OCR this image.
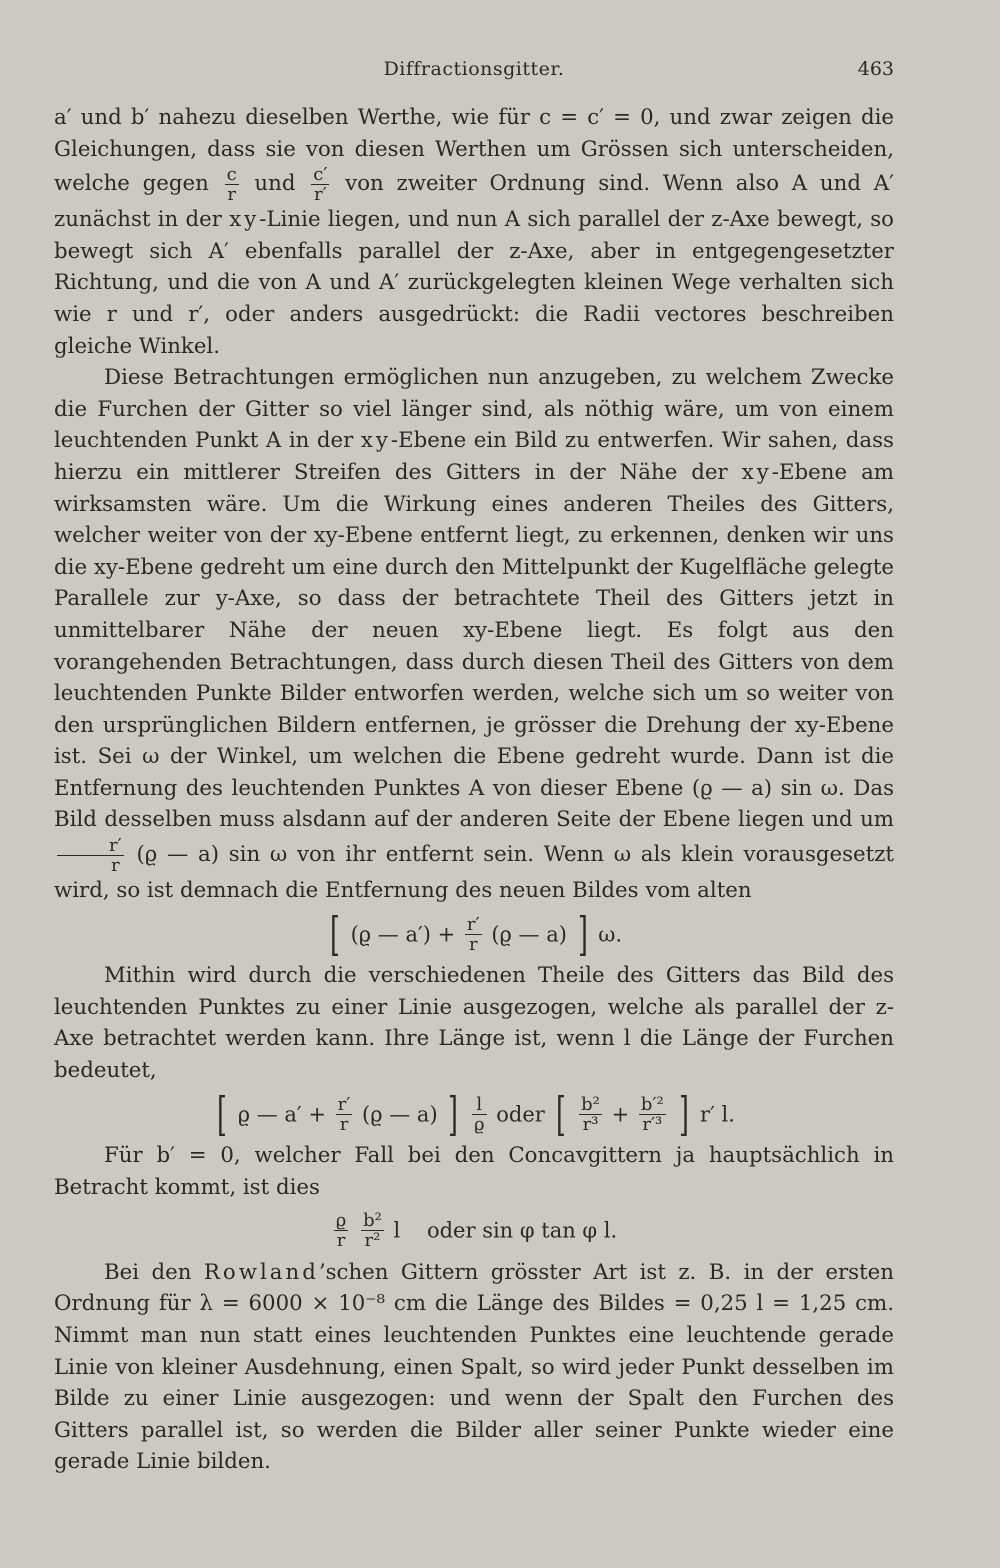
Diffractionsgitter.	463

a′ und b′ nahezu dieselben Werthe, wie für c = c′ = 0, und zwar zeigen die Gleichungen, dass sie von diesen Werthen um Grössen sich unterscheiden, welche gegen $\frac{c}{r}$ und $\frac{c'}{r'}$ von zweiter Ordnung sind. Wenn also A und A′ zunächst in der xy-Linie liegen, und nun A sich parallel der z-Axe bewegt, so bewegt sich A′ ebenfalls parallel der z-Axe, aber in entgegengesetzter Richtung, und die von A und A′ zurückgelegten kleinen Wege verhalten sich wie r und r′, oder anders ausgedrückt: die Radii vectores beschreiben gleiche Winkel.

Diese Betrachtungen ermöglichen nun anzugeben, zu welchem Zwecke die Furchen der Gitter so viel länger sind, als nöthig wäre, um von einem leuchtenden Punkt A in der xy-Ebene ein Bild zu entwerfen. Wir sahen, dass hierzu ein mittlerer Streifen des Gitters in der Nähe der xy-Ebene am wirksamsten wäre. Um die Wirkung eines anderen Theiles des Gitters, welcher weiter von der xy-Ebene entfernt liegt, zu erkennen, denken wir uns die xy-Ebene gedreht um eine durch den Mittelpunkt der Kugelfläche gelegte Parallele zur y-Axe, so dass der betrachtete Theil des Gitters jetzt in unmittelbarer Nähe der neuen xy-Ebene liegt. Es folgt aus den vorangehenden Betrachtungen, dass durch diesen Theil des Gitters von dem leuchtenden Punkte Bilder entworfen werden, welche sich um so weiter von den ursprünglichen Bildern entfernen, je grösser die Drehung der xy-Ebene ist. Sei ω der Winkel, um welchen die Ebene gedreht wurde. Dann ist die Entfernung des leuchtenden Punktes A von dieser Ebene (ϱ — a) sin ω. Das Bild desselben muss alsdann auf der anderen Seite der Ebene liegen und um
$\frac{r'}{r} (ϱ$ — a) sin ω von ihr entfernt sein. Wenn ω als klein vorausgesetzt wird, so ist demnach die Entfernung des neuen Bildes vom alten

[ (ϱ — $a') + \frac{r'}{r} (ϱ$ — a) ] ω.

Mithin wird durch die verschiedenen Theile des Gitters das Bild des leuchtenden Punktes zu einer Linie ausgezogen, welche als parallel der z-Axe betrachtet werden kann. Ihre Länge ist, wenn l die Länge der Furchen bedeutet,

[ ϱ — $a' + \frac{r'}{r} (ϱ$ — a) ] $\frac{l}{ϱ}$ oder [ $\frac{\text{b²}}{\text{r³}} + \frac{\text{b′²}}{\text{r′³}}$ ] r′ l.

Für b′ = 0, welcher Fall bei den Concavgittern ja hauptsächlich in Betracht kommt, ist dies

$\frac{ϱ}{r}$
$\frac{\text{b²}}{\text{r²}}$ l oder sin φ tan φ l.

Bei den Rowland’schen Gittern grösster Art ist z. B. in der ersten Ordnung für λ = 6000 × 10⁻⁸ cm die Länge des Bildes = 0,25 l = 1,25 cm. Nimmt man nun statt eines leuchtenden Punktes eine leuchtende gerade Linie von kleiner Ausdehnung, einen Spalt, so wird jeder Punkt desselben im Bilde zu einer Linie ausgezogen: und wenn der Spalt den Furchen des Gitters parallel ist, so werden die Bilder aller seiner Punkte wieder eine gerade Linie bilden.
